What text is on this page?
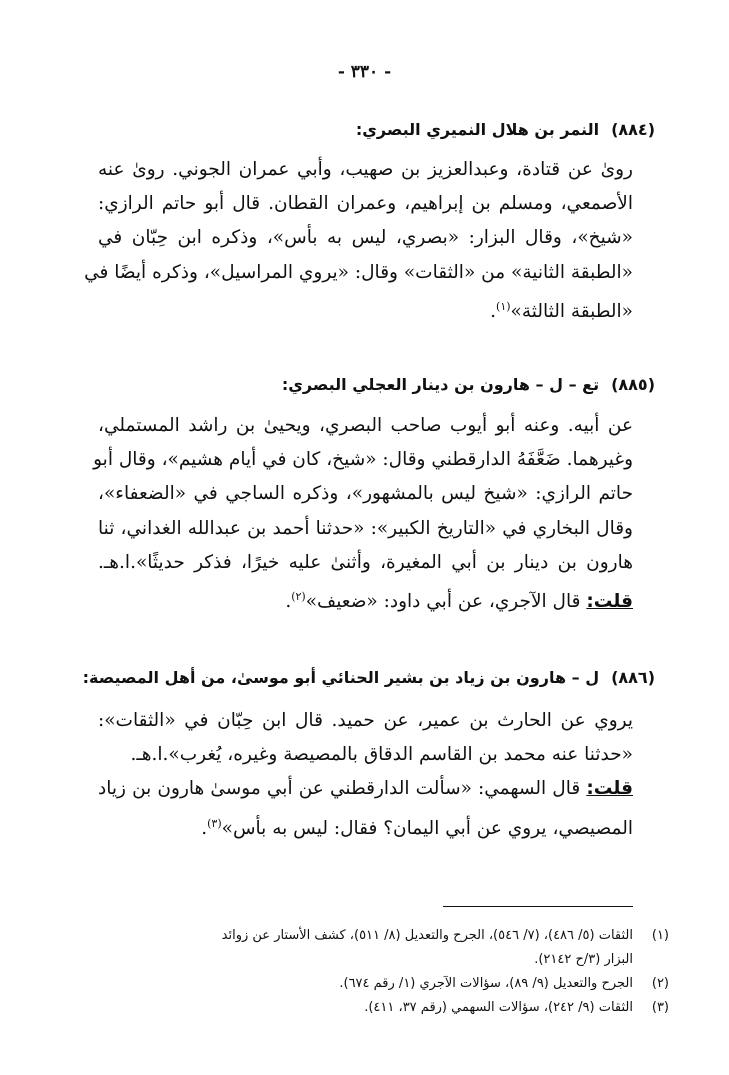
- ٣٣٠ -
(٨٨٤)النمر بن هلال النميري البصري:
روىٰ عن قتادة، وعبدالعزيز بن صهيب، وأبي عمران الجوني. روىٰ عنه
الأصمعي، ومسلم بن إبراهيم، وعمران القطان. قال أبو حاتم الرازي:
«شيخ»، وقال البزار: «بصري، ليس به بأس»، وذكره ابن حِبّان في
«الطبقة الثانية» من «الثقات» وقال: «يروي المراسيل»، وذكره أيضًا في
«الطبقة الثالثة»$^{(١)}$.
(٨٨٥)تع – ل – هارون بن دينار العجلي البصري:
عن أبيه. وعنه أبو أيوب صاحب البصري، ويحيىٰ بن راشد المستملي،
وغيرهما. ضَعَّفَهُ الدارقطني وقال: «شيخ، كان في أيام هشيم»، وقال أبو
حاتم الرازي: «شيخ ليس بالمشهور»، وذكره الساجي في «الضعفاء»،
وقال البخاري في «التاريخ الكبير»: «حدثنا أحمد بن عبدالله الغداني، ثنا
هارون بن دينار بن أبي المغيرة، وأثنىٰ عليه خيرًا، فذكر حديثًا».ا.هـ.
قلت: قال الآجري، عن أبي داود: «ضعيف»$^{(٢)}$.
(٨٨٦)ل – هارون بن زياد بن بشير الحنائي أبو موسىٰ، من أهل المصيصة:
يروي عن الحارث بن عمير، عن حميد. قال ابن حِبّان في «الثقات»:
«حدثنا عنه محمد بن القاسم الدقاق بالمصيصة وغيره، يُغرب».ا.هـ.
قلت: قال السهمي: «سألت الدارقطني عن أبي موسىٰ هارون بن زياد
المصيصي، يروي عن أبي اليمان؟ فقال: ليس به بأس»$^{(٣)}$.
(١)الثقات (٥/ ٤٨٦)، (٧/ ٥٤٦)، الجرح والتعديل (٨/ ٥١١)، كشف الأستار عن زوائد
البزار (٣/ح ٢١٤٢).
(٢)الجرح والتعديل (٩/ ٨٩)، سؤالات الآجري (١/ رقم ٦٧٤).
(٣)الثقات (٩/ ٢٤٢)، سؤالات السهمي (رقم ٣٧، ٤١١).
